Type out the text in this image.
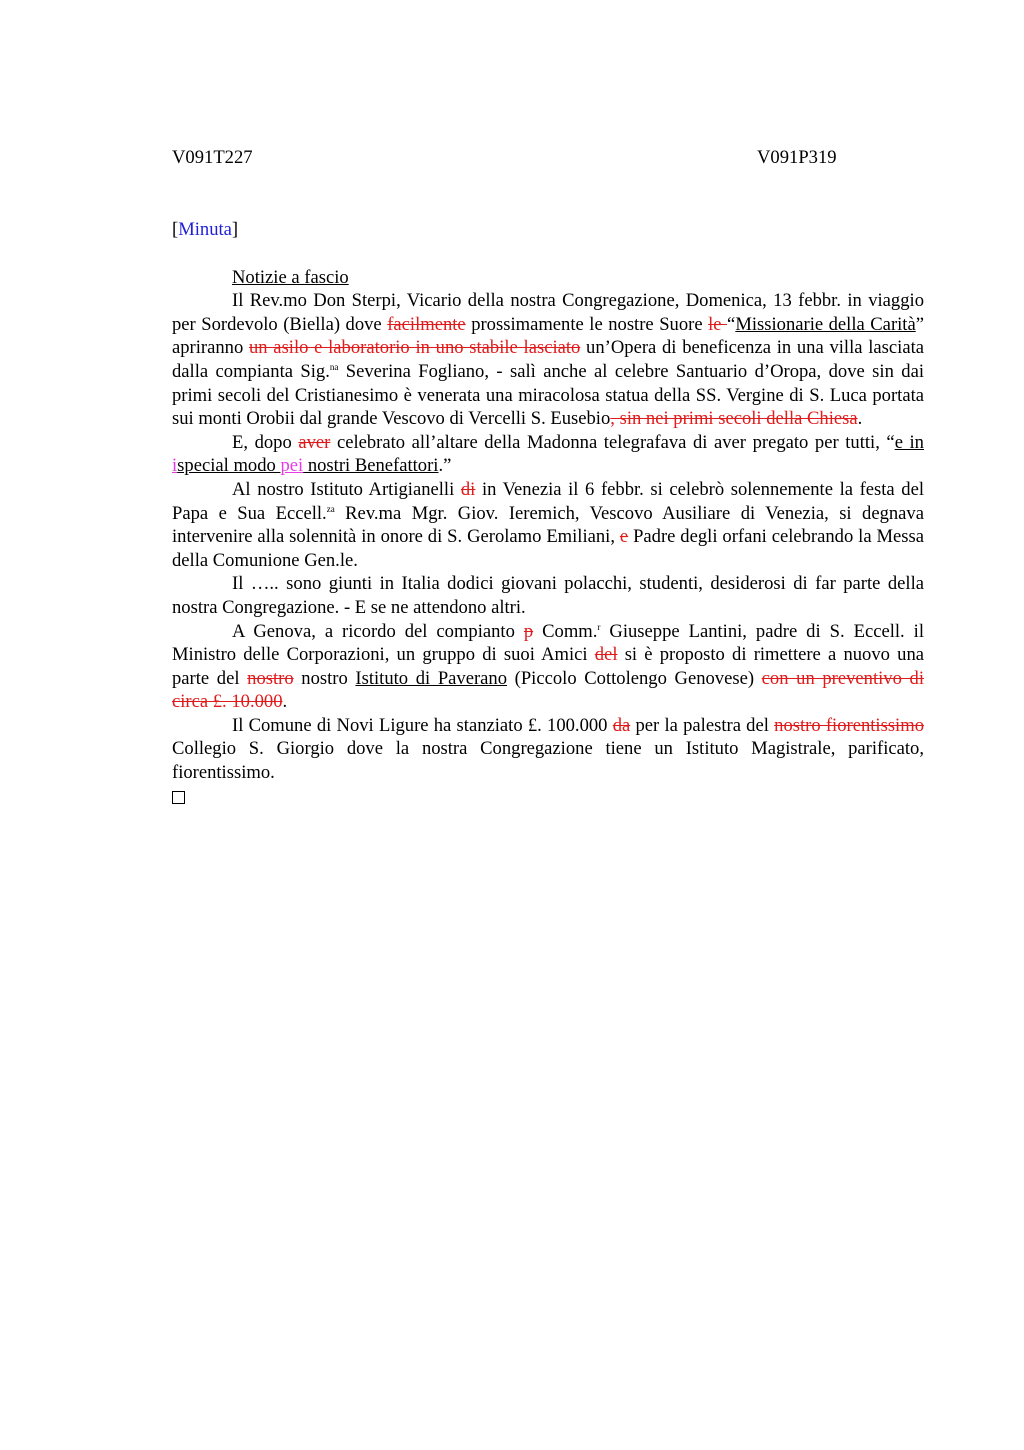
V091T227	V091P319
[Minuta]
Notizie a fascio

Il Rev.mo Don Sterpi, Vicario della nostra Congregazione, Domenica, 13 febbr. in viaggio per Sordevolo (Biella) dove facilmente prossimamente le nostre Suore le “Missionarie della Carità” apriranno un asilo e laboratorio in uno stabile lasciato un’Opera di beneficenza in una villa lasciata dalla compianta Sig.$^{na}$ Severina Fogliano, - salì anche al celebre Santuario d’Oropa, dove sin dai primi secoli del Cristianesimo è venerata una miracolosa statua della SS. Vergine di S. Luca portata sui monti Orobii dal grande Vescovo di Vercelli S. Eusebio, sin nei primi secoli della Chiesa.

E, dopo aver celebrato all’altare della Madonna telegrafava di aver pregato per tutti, “e in ispecial modo pei nostri Benefattori.”

Al nostro Istituto Artigianelli di in Venezia il 6 febbr. si celebrò solennemente la festa del Papa e Sua Eccell.$^{za}$ Rev.ma Mgr. Giov. Ieremich, Vescovo Ausiliare di Venezia, si degnava intervenire alla solennità in onore di S. Gerolamo Emiliani, e Padre degli orfani celebrando la Messa della Comunione Gen.le.

Il ….. sono giunti in Italia dodici giovani polacchi, studenti, desiderosi di far parte della nostra Congregazione. - E se ne attendono altri.

A Genova, a ricordo del compianto p Comm.$^r$ Giuseppe Lantini, padre di S. Eccell. il Ministro delle Corporazioni, un gruppo di suoi Amici del si è proposto di rimettere a nuovo una parte del nostro nostro Istituto di Paverano (Piccolo Cottolengo Genovese) con un preventivo di circa £. 10.000.

Il Comune di Novi Ligure ha stanziato £. 100.000 da per la palestra del nostro fiorentissimo Collegio S. Giorgio dove la nostra Congregazione tiene un Istituto Magistrale, parificato, fiorentissimo.
